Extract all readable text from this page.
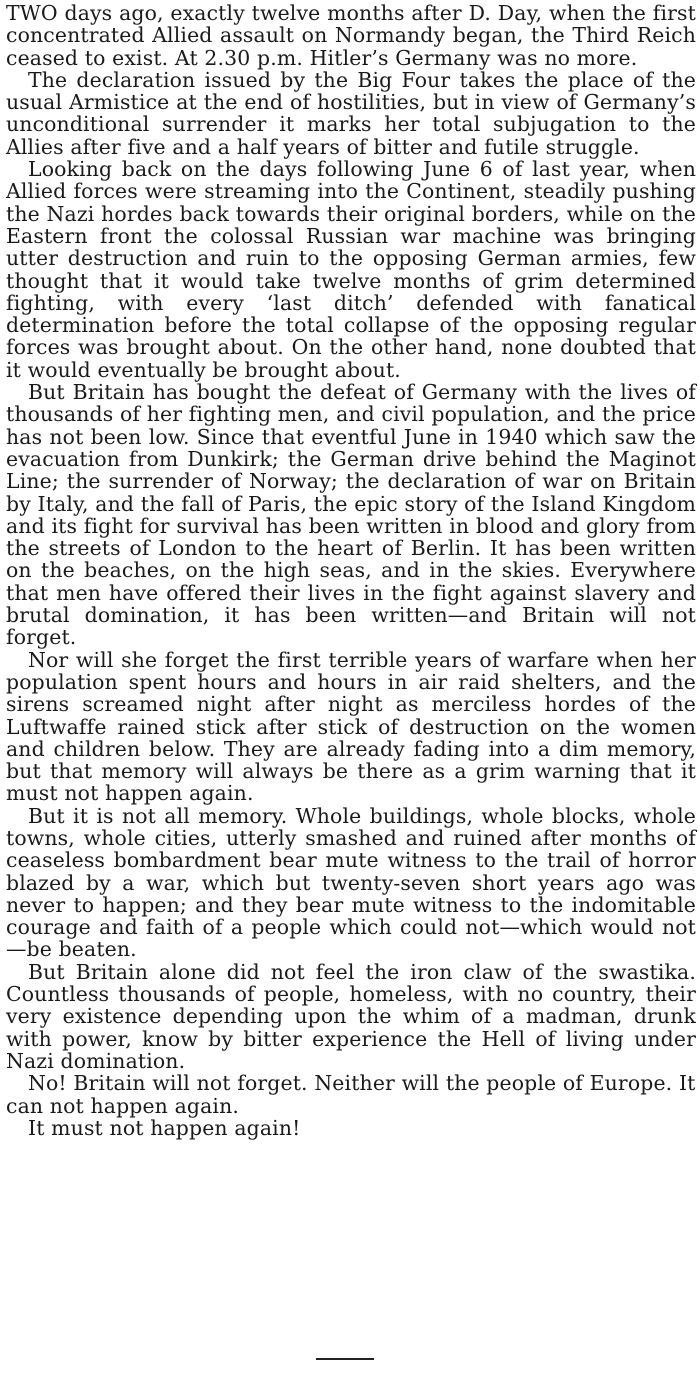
TWO days ago, exactly twelve months after D. Day, when the first concentrated Allied assault on Normandy began, the Third Reich ceased to exist. At 2.30 p.m. Hitler’s Germany was no more.

The declaration issued by the Big Four takes the place of the usual Armistice at the end of hostilities, but in view of Germany’s unconditional surrender it marks her total subjugation to the Allies after five and a half years of bitter and futile struggle.

Looking back on the days following June 6 of last year, when Allied forces were streaming into the Continent, steadily pushing the Nazi hordes back towards their original borders, while on the Eastern front the colossal Russian war machine was bringing utter destruction and ruin to the opposing German armies, few thought that it would take twelve months of grim determined fighting, with every ‘last ditch’ defended with fanatical determination before the total collapse of the opposing regular forces was brought about. On the other hand, none doubted that it would eventually be brought about.

But Britain has bought the defeat of Germany with the lives of thousands of her fighting men, and civil population, and the price has not been low. Since that eventful June in 1940 which saw the evacuation from Dunkirk; the German drive behind the Maginot Line; the surrender of Norway; the declaration of war on Britain by Italy, and the fall of Paris, the epic story of the Island Kingdom and its fight for survival has been written in blood and glory from the streets of London to the heart of Berlin. It has been written on the beaches, on the high seas, and in the skies. Everywhere that men have offered their lives in the fight against slavery and brutal domination, it has been written—and Britain will not forget.

Nor will she forget the first terrible years of warfare when her population spent hours and hours in air raid shelters, and the sirens screamed night after night as merciless hordes of the Luftwaffe rained stick after stick of destruction on the women and children below. They are already fading into a dim memory, but that memory will always be there as a grim warning that it must not happen again.

But it is not all memory. Whole buildings, whole blocks, whole towns, whole cities, utterly smashed and ruined after months of ceaseless bombardment bear mute witness to the trail of horror blazed by a war, which but twenty-seven short years ago was never to happen; and they bear mute witness to the indomitable courage and faith of a people which could not—which would not—be beaten.

But Britain alone did not feel the iron claw of the swastika. Countless thousands of people, homeless, with no country, their very existence depending upon the whim of a madman, drunk with power, know by bitter experience the Hell of living under Nazi domination.

No! Britain will not forget. Neither will the people of Europe. It can not happen again.

It must not happen again!
